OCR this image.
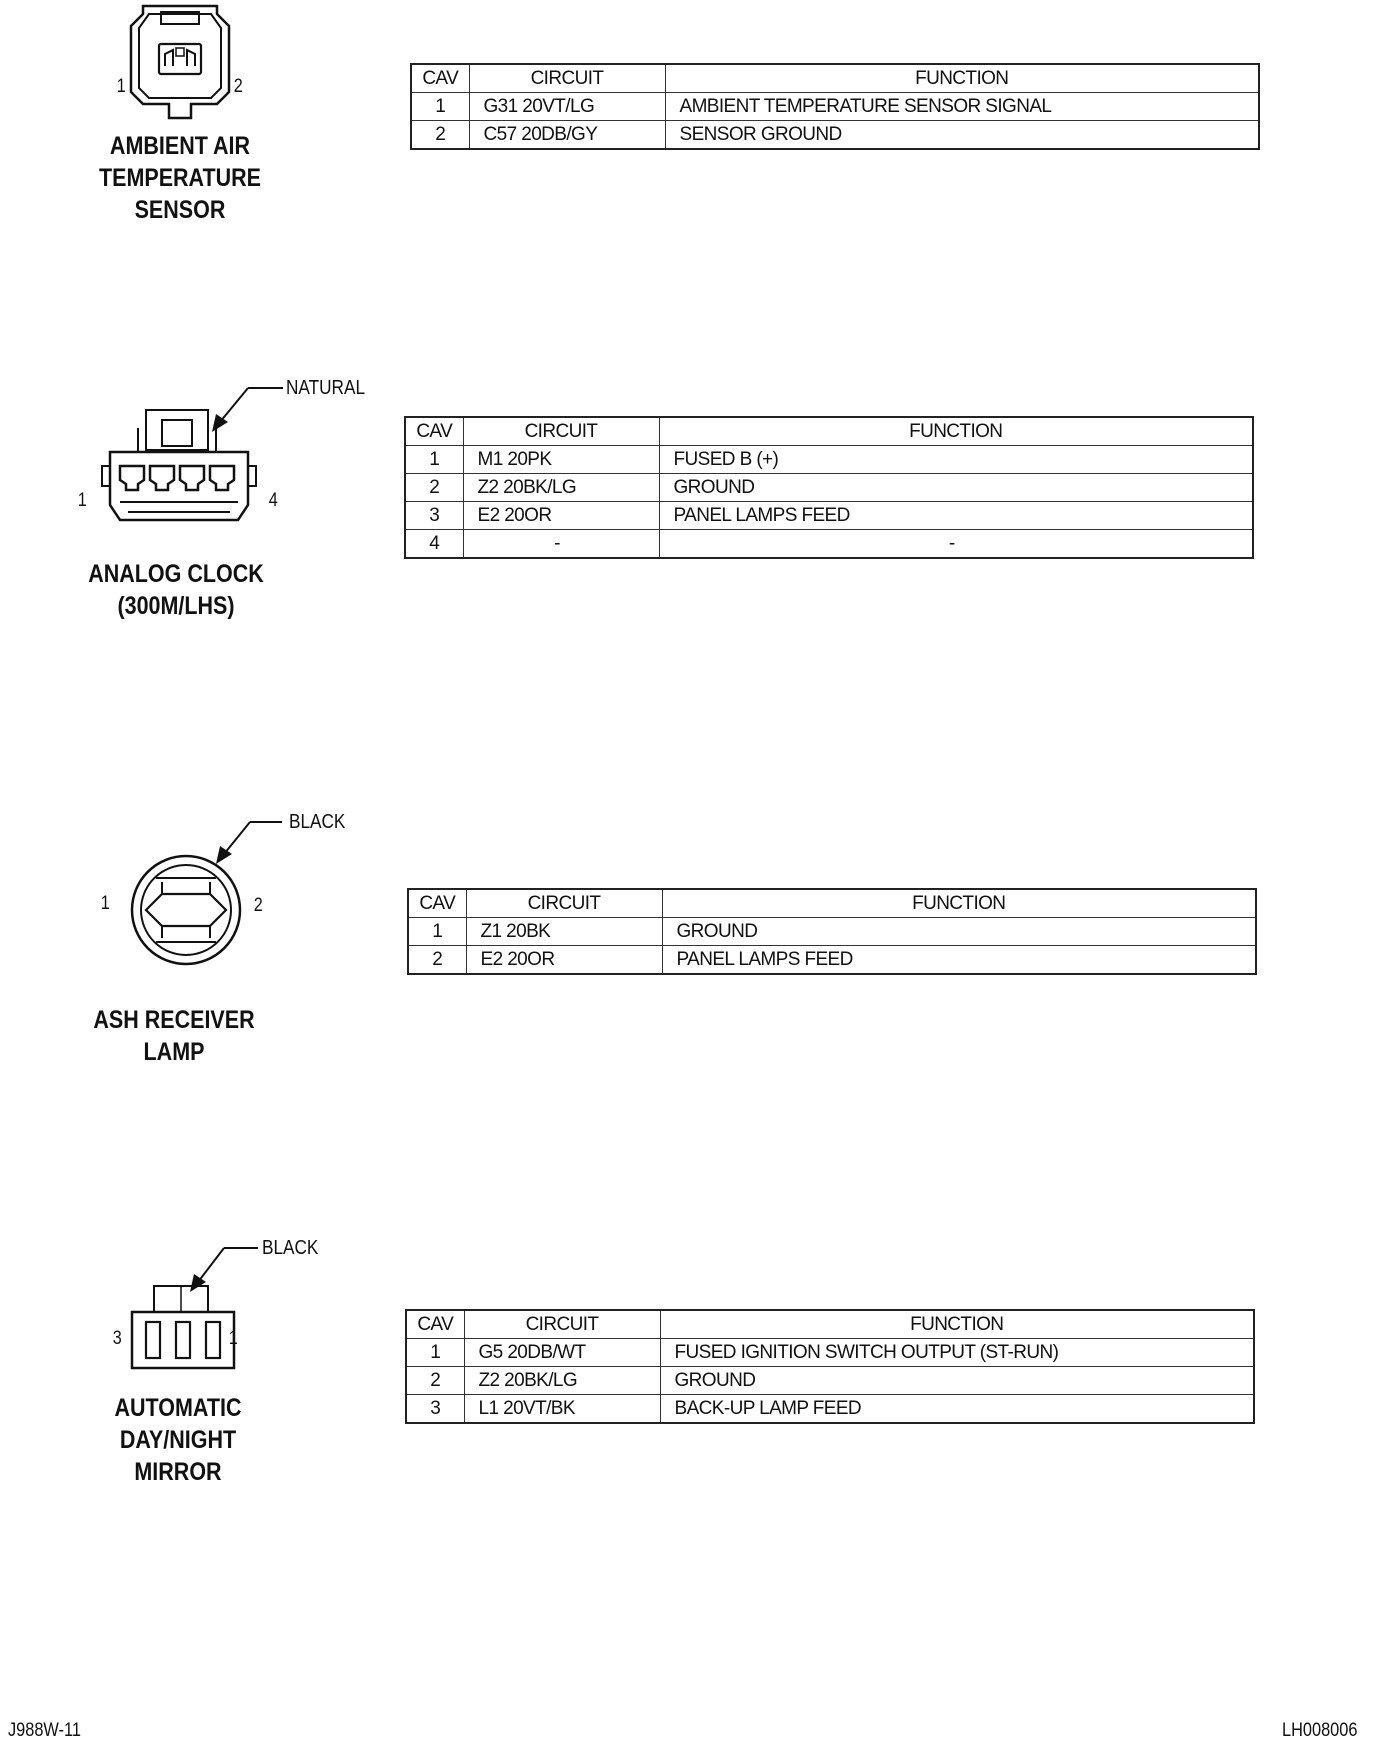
1	2
AMBIENT AIR
TEMPERATURE
SENSOR
CAV	CIRCUIT	FUNCTION
1	G31 20VT/LG	AMBIENT TEMPERATURE SENSOR SIGNAL
2	C57 20DB/GY	SENSOR GROUND
NATURAL
1	4
ANALOG CLOCK
(300M/LHS)
CAV	CIRCUIT	FUNCTION
1	M1 20PK	FUSED B (+)
2	Z2 20BK/LG	GROUND
3	E2 20OR	PANEL LAMPS FEED
4	-	-
BLACK
1	2
ASH RECEIVER
LAMP
CAV	CIRCUIT	FUNCTION
1	Z1 20BK	GROUND
2	E2 20OR	PANEL LAMPS FEED
BLACK
3	1
AUTOMATIC
DAY/NIGHT
MIRROR
CAV	CIRCUIT	FUNCTION
1	G5 20DB/WT	FUSED IGNITION SWITCH OUTPUT (ST-RUN)
2	Z2 20BK/LG	GROUND
3	L1 20VT/BK	BACK-UP LAMP FEED
J988W-11	LH008006
